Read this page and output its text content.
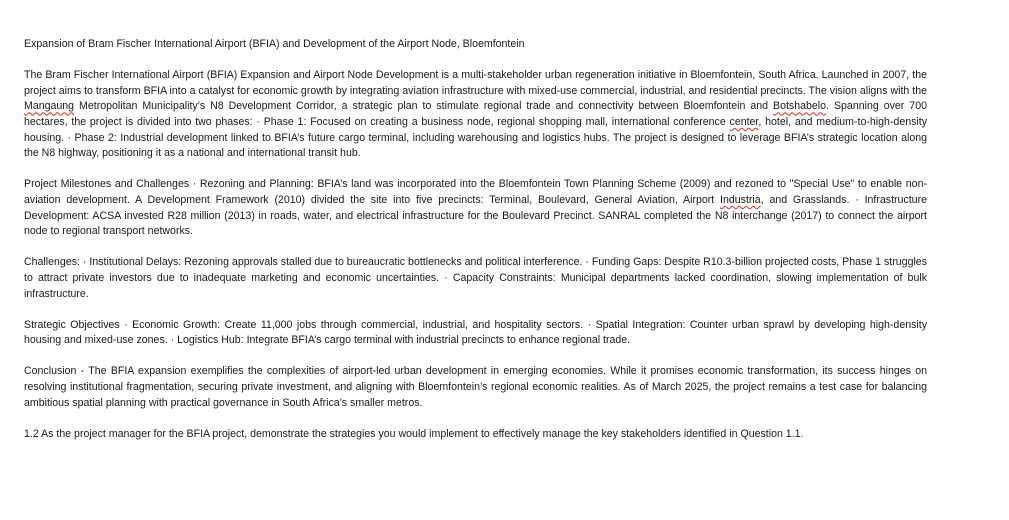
Expansion of Bram Fischer International Airport (BFIA) and Development of the Airport Node, Bloemfontein

The Bram Fischer International Airport (BFIA) Expansion and Airport Node Development is a multi-stakeholder urban regeneration initiative in Bloemfontein, South Africa. Launched in 2007, the project aims to transform BFIA into a catalyst for economic growth by integrating aviation infrastructure with mixed-use commercial, industrial, and residential precincts. The vision aligns with the Mangaung Metropolitan Municipality’s N8 Development Corridor, a strategic plan to stimulate regional trade and connectivity between Bloemfontein and Botshabelo. Spanning over 700 hectares, the project is divided into two phases: · Phase 1: Focused on creating a business node, regional shopping mall, international conference center, hotel, and medium-to-high-density housing. · Phase 2: Industrial development linked to BFIA’s future cargo terminal, including warehousing and logistics hubs. The project is designed to leverage BFIA’s strategic location along the N8 highway, positioning it as a national and international transit hub.

Project Milestones and Challenges · Rezoning and Planning: BFIA’s land was incorporated into the Bloemfontein Town Planning Scheme (2009) and rezoned to "Special Use" to enable non-aviation development. A Development Framework (2010) divided the site into five precincts: Terminal, Boulevard, General Aviation, Airport Industria, and Grasslands. · Infrastructure Development: ACSA invested R28 million (2013) in roads, water, and electrical infrastructure for the Boulevard Precinct. SANRAL completed the N8 interchange (2017) to connect the airport node to regional transport networks.

Challenges: · Institutional Delays: Rezoning approvals stalled due to bureaucratic bottlenecks and political interference. · Funding Gaps: Despite R10.3-billion projected costs, Phase 1 struggles to attract private investors due to inadequate marketing and economic uncertainties. · Capacity Constraints: Municipal departments lacked coordination, slowing implementation of bulk infrastructure.

Strategic Objectives · Economic Growth: Create 11,000 jobs through commercial, industrial, and hospitality sectors. · Spatial Integration: Counter urban sprawl by developing high-density housing and mixed-use zones. · Logistics Hub: Integrate BFIA’s cargo terminal with industrial precincts to enhance regional trade.

Conclusion - The BFIA expansion exemplifies the complexities of airport-led urban development in emerging economies. While it promises economic transformation, its success hinges on resolving institutional fragmentation, securing private investment, and aligning with Bloemfontein’s regional economic realities. As of March 2025, the project remains a test case for balancing ambitious spatial planning with practical governance in South Africa’s smaller metros.

1.2 As the project manager for the BFIA project, demonstrate the strategies you would implement to effectively manage the key stakeholders identified in Question 1.1.
